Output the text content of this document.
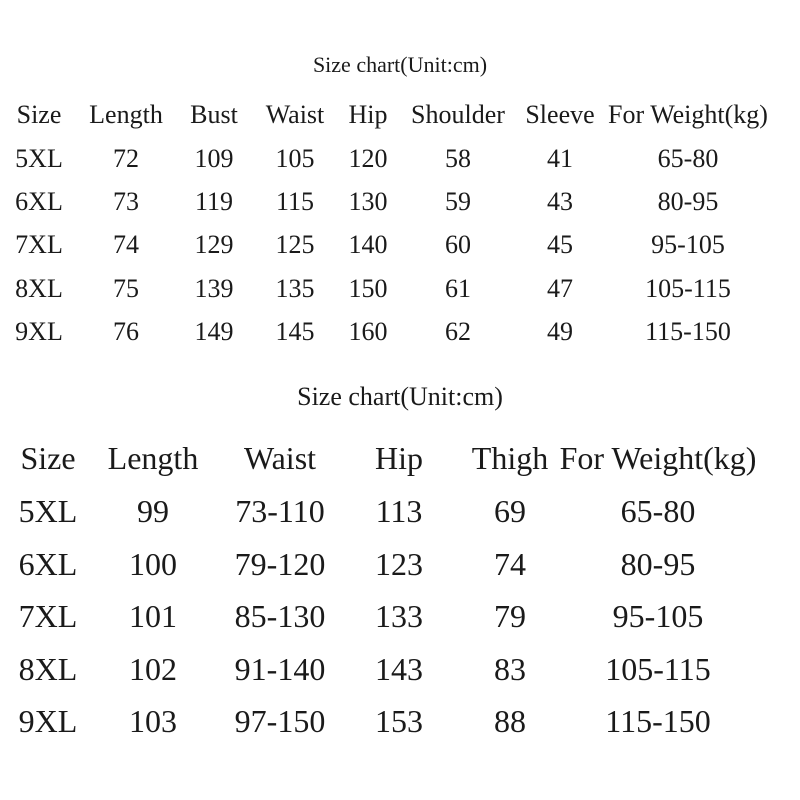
Size chart(Unit:cm)
Size Length Bust Waist Hip Shoulder Sleeve For Weight(kg)
5XL 72 109 105 120 58	41	65-80
6XL 73 119 115 130 59	43	80-95
7XL 74 129 125 140 60	45	95-105
8XL 75 139 135 150 61	47	105-115
9XL 76 149 145 160 62	49	115-150
Size chart(Unit:cm)
Size Length Waist Hip Thigh For Weight(kg)
5XL 99 73-110 113 69	65-80
6XL 100 79-120 123 74	80-95
7XL 101 85-130 133 79	95-105
8XL 102 91-140 143 83 105-115
9XL 103 97-150 153 88 115-150
